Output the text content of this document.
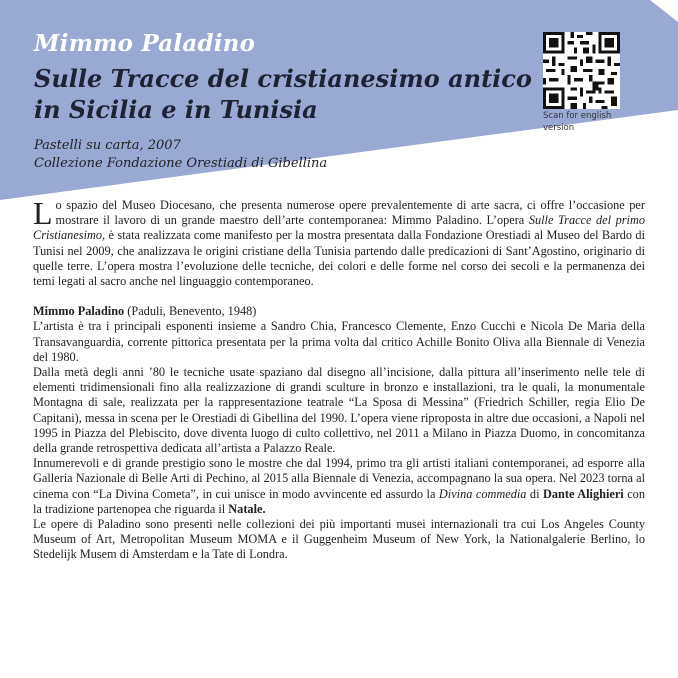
Mimmo Paladino
Sulle Tracce del cristianesimo antico in Sicilia e in Tunisia
Pastelli su carta, 2007
Collezione Fondazione Orestiadi di Gibellina
Scan for english version

Lo spazio del Museo Diocesano, che presenta numerose opere prevalentemente di arte sacra, ci offre l’occasione per mostrare il lavoro di un grande maestro dell’arte contemporanea: Mimmo Paladino. L’opera Sulle Tracce del primo Cristianesimo, è stata realizzata come manifesto per la mostra presentata dalla Fondazione Orestiadi al Museo del Bardo di Tunisi nel 2009, che analizzava le origini cristiane della Tunisia partendo dalle predicazioni di Sant’Agostino, originario di quelle terre. L’opera mostra l’evoluzione delle tecniche, dei colori e delle forme nel corso dei secoli e la permanenza dei temi legati al sacro anche nel linguaggio contemporaneo.

Mimmo Paladino (Paduli, Benevento, 1948)

L’artista è tra i principali esponenti insieme a Sandro Chia, Francesco Clemente, Enzo Cucchi e Nicola De Maria della Transavanguardia, corrente pittorica presentata per la prima volta dal critico Achille Bonito Oliva alla Biennale di Venezia del 1980.

Dalla metà degli anni ’80 le tecniche usate spaziano dal disegno all’incisione, dalla pittura all’inserimento nelle tele di elementi tridimensionali fino alla realizzazione di grandi sculture in bronzo e installazioni, tra le quali, la monumentale Montagna di sale, realizzata per la rappresentazione teatrale “La Sposa di Messina” (Friedrich Schiller, regia Elio De Capitani), messa in scena per le Orestiadi di Gibellina del 1990. L’opera viene riproposta in altre due occasioni, a Napoli nel 1995 in Piazza del Plebiscito, dove diventa luogo di culto collettivo, nel 2011 a Milano in Piazza Duomo, in concomitanza della grande retrospettiva dedicata all’artista a Palazzo Reale.

Innumerevoli e di grande prestigio sono le mostre che dal 1994, primo tra gli artisti italiani contemporanei, ad esporre alla Galleria Nazionale di Belle Arti di Pechino, al 2015 alla Biennale di Venezia, accompagnano la sua opera. Nel 2023 torna al cinema con “La Divina Cometa”, in cui unisce in modo avvincente ed assurdo la Divina commedia di Dante Alighieri con la tradizione partenopea che riguarda il Natale.

Le opere di Paladino sono presenti nelle collezioni dei più importanti musei internazionali tra cui Los Angeles County Museum of Art, Metropolitan Museum MOMA e il Guggenheim Museum of New York, la Nationalgalerie Berlino, lo Stedelijk Musem di Amsterdam e la Tate di Londra.
